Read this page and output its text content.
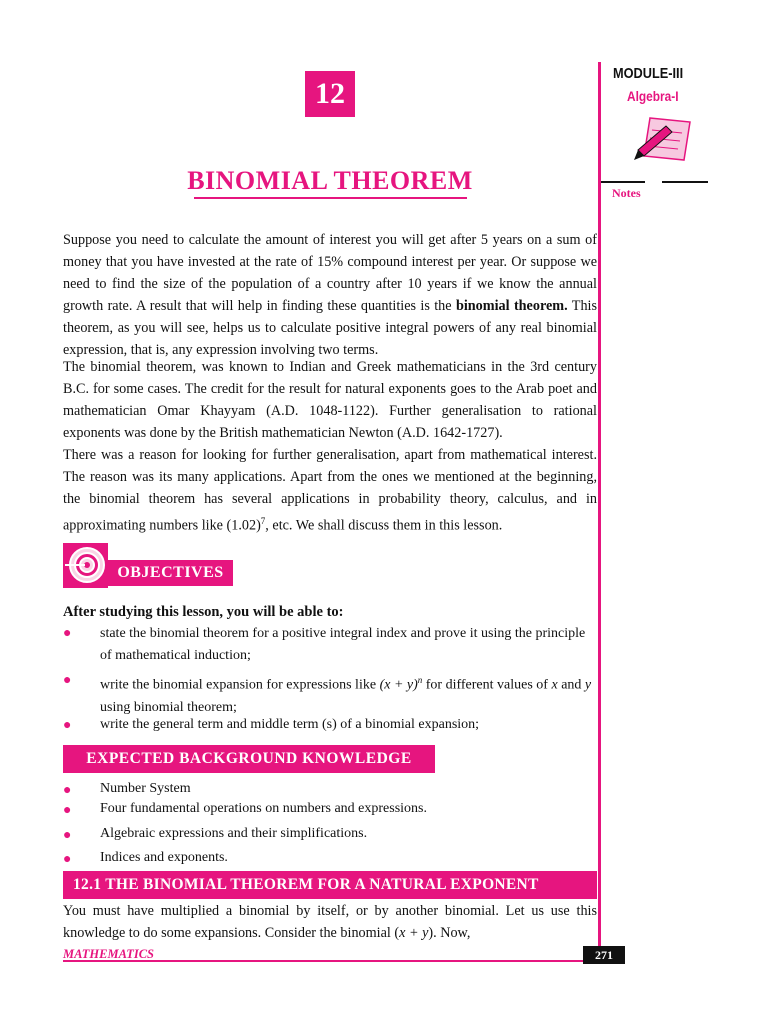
12
BINOMIAL THEOREM
MODULE-III
Algebra-I
Notes
Suppose you need to calculate the amount of interest you will get after 5 years on a sum of money that you have invested at the rate of 15% compound interest per year. Or suppose we need to find the size of the population of a country after 10 years if we know the annual growth rate. A result that will help in finding these quantities is the binomial theorem. This theorem, as you will see, helps us to calculate positive integral powers of any real binomial expression, that is, any expression involving two terms.
The binomial theorem, was known to Indian and Greek mathematicians in the 3rd century B.C. for some cases. The credit for the result for natural exponents goes to the Arab poet and mathematician Omar Khayyam (A.D. 1048-1122). Further generalisation to rational exponents was done by the British mathematician Newton (A.D. 1642-1727).
There was a reason for looking for further generalisation, apart from mathematical interest. The reason was its many applications. Apart from the ones we mentioned at the beginning, the binomial theorem has several applications in probability theory, calculus, and in approximating numbers like $(1.02)^7$, etc. We shall discuss them in this lesson.
OBJECTIVES
After studying this lesson, you will be able to:
● state the binomial theorem for a positive integral index and prove it using the principle of mathematical induction;
● write the binomial expansion for expressions like $(x + y)^n$ for different values of x and y
using binomial theorem;
● write the general term and middle term (s) of a binomial expansion;
EXPECTED BACKGROUND KNOWLEDGE
● Number System
● Four fundamental operations on numbers and expressions.
● Algebraic expressions and their simplifications.
● Indices and exponents.
12.1 THE BINOMIAL THEOREM FOR A NATURAL EXPONENT
You must have multiplied a binomial by itself, or by another binomial. Let us use this knowledge to do some expansions. Consider the binomial (x + y). Now,
MATHEMATICS	271
